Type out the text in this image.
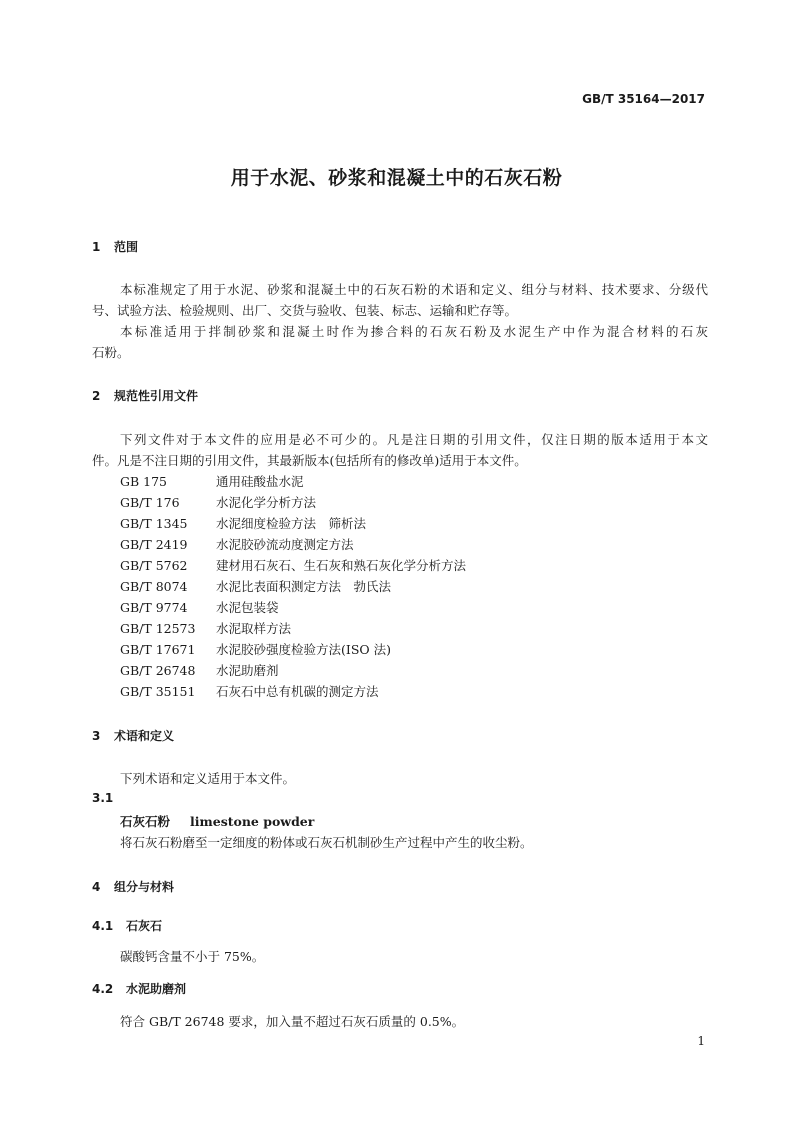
GB/T 35164—2017
用于水泥、砂浆和混凝土中的石灰石粉
1 范围
本标准规定了用于水泥、砂浆和混凝土中的石灰石粉的术语和定义、组分与材料、技术要求、分级代
号、试验方法、检验规则、出厂、交货与验收、包装、标志、运输和贮存等。
本标准适用于拌制砂浆和混凝土时作为掺合料的石灰石粉及水泥生产中作为混合材料的石灰
石粉。
2 规范性引用文件
下列文件对于本文件的应用是必不可少的。凡是注日期的引用文件，仅注日期的版本适用于本文
件。凡是不注日期的引用文件，其最新版本(包括所有的修改单)适用于本文件。
GB 175	通用硅酸盐水泥
GB/T 176	水泥化学分析方法
GB/T 1345 水泥细度检验方法　筛析法
GB/T 2419 水泥胶砂流动度测定方法
GB/T 5762 建材用石灰石、生石灰和熟石灰化学分析方法
GB/T 8074 水泥比表面积测定方法　勃氏法
GB/T 9774 水泥包装袋
GB/T 12573 水泥取样方法
GB/T 17671 水泥胶砂强度检验方法(ISO 法)
GB/T 26748 水泥助磨剂
GB/T 35151 石灰石中总有机碳的测定方法
3 术语和定义
下列术语和定义适用于本文件。
3.1
石灰石粉 limestone powder
将石灰石粉磨至一定细度的粉体或石灰石机制砂生产过程中产生的收尘粉。
4 组分与材料
4.1 石灰石
碳酸钙含量不小于 75%。
4.2 水泥助磨剂
符合 GB/T 26748 要求，加入量不超过石灰石质量的 0.5%。
1
